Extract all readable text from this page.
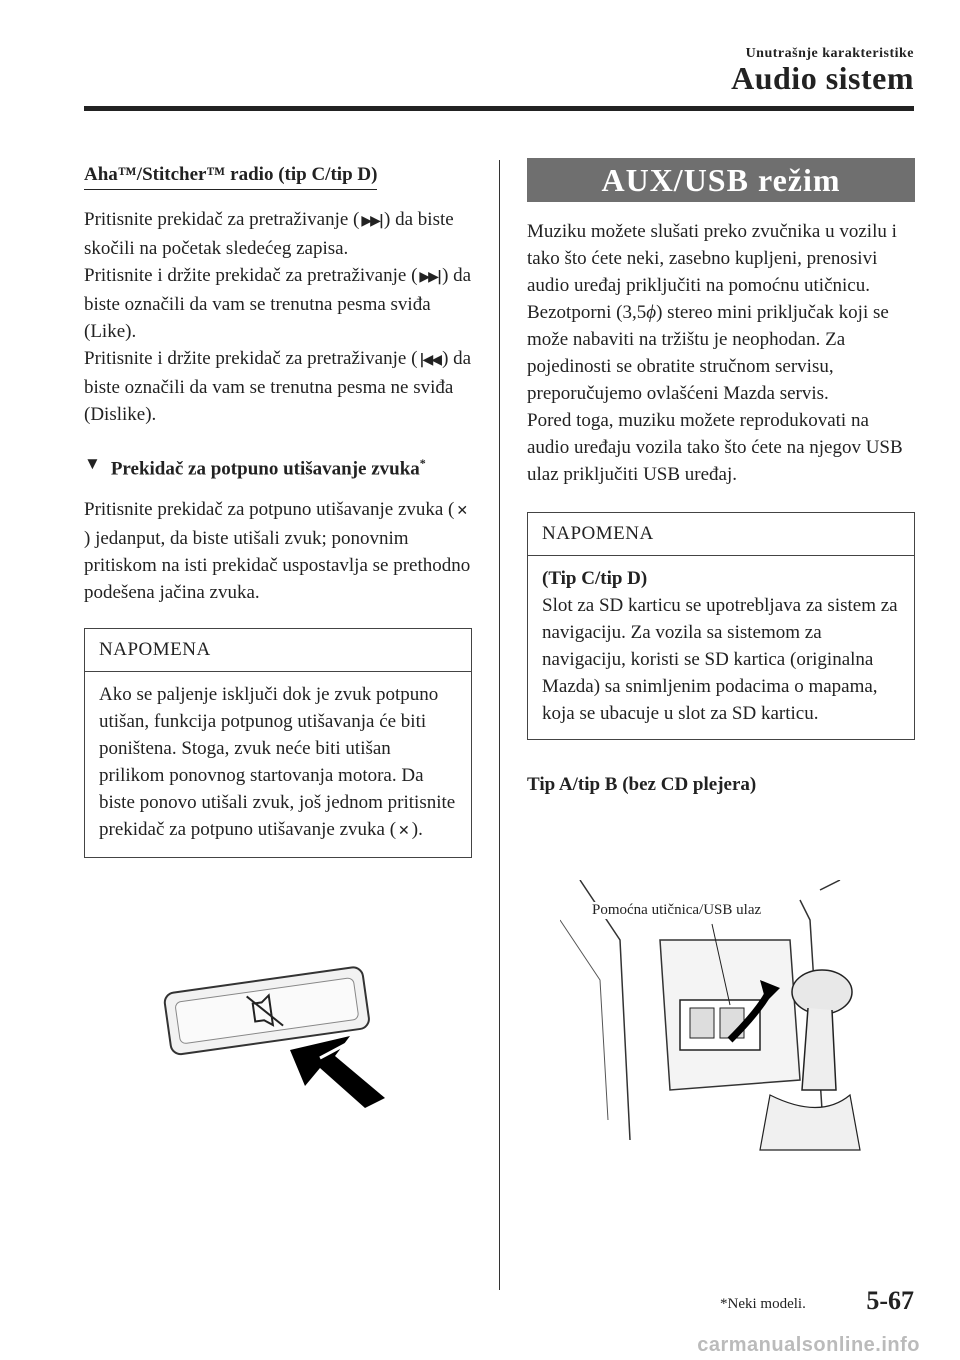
Unutrašnje karakteristike
Audio sistem
Aha™/Stitcher™ radio (tip C/tip D)

Pritisnite prekidač za pretraživanje ( ▶▶| ) da biste skočili na početak sledećeg zapisa.

Pritisnite i držite prekidač za pretraživanje ( ▶▶| ) da biste označili da vam se trenutna pesma sviđa (Like).

Pritisnite i držite prekidač za pretraživanje ( |◀◀ ) da biste označili da vam se trenutna pesma ne sviđa (Dislike).

▼ Prekidač za potpuno utišavanje zvuka*

Pritisnite prekidač za potpuno utišavanje zvuka ( ✕) jedanput, da biste utišali zvuk; ponovnim pritiskom na isti prekidač uspostavlja se prethodno podešena jačina zvuka.

NAPOMENA

Ako se paljenje isključi dok je zvuk potpuno utišan, funkcija potpunog utišavanja će biti poništena. Stoga, zvuk neće biti utišan prilikom ponovnog startovanja motora. Da biste ponovo utišali zvuk, još jednom pritisnite prekidač za potpuno utišavanje zvuka ( ✕ ).

AUX/USB režim

Muziku možete slušati preko zvučnika u vozilu i tako što ćete neki, zasebno kupljeni, prenosivi audio uređaj priključiti na pomoćnu utičnicu.

Bezotporni (3,5ϕ) stereo mini priključak koji se može nabaviti na tržištu je neophodan. Za pojedinosti se obratite stručnom servisu, preporučujemo ovlašćeni Mazda servis.

Pored toga, muziku možete reprodukovati na audio uređaju vozila tako što ćete na njegov USB ulaz priključiti USB uređaj.

NAPOMENA

(Tip C/tip D)

Slot za SD karticu se upotrebljava za sistem za navigaciju. Za vozila sa sistemom za navigaciju, koristi se SD kartica (originalna Mazda) sa snimljenim podacima o mapama, koja se ubacuje u slot za SD karticu.

Tip A/tip B (bez CD plejera)
Pomoćna utičnica/USB ulaz
*Neki modeli. 5-67
carmanualsonline.info
